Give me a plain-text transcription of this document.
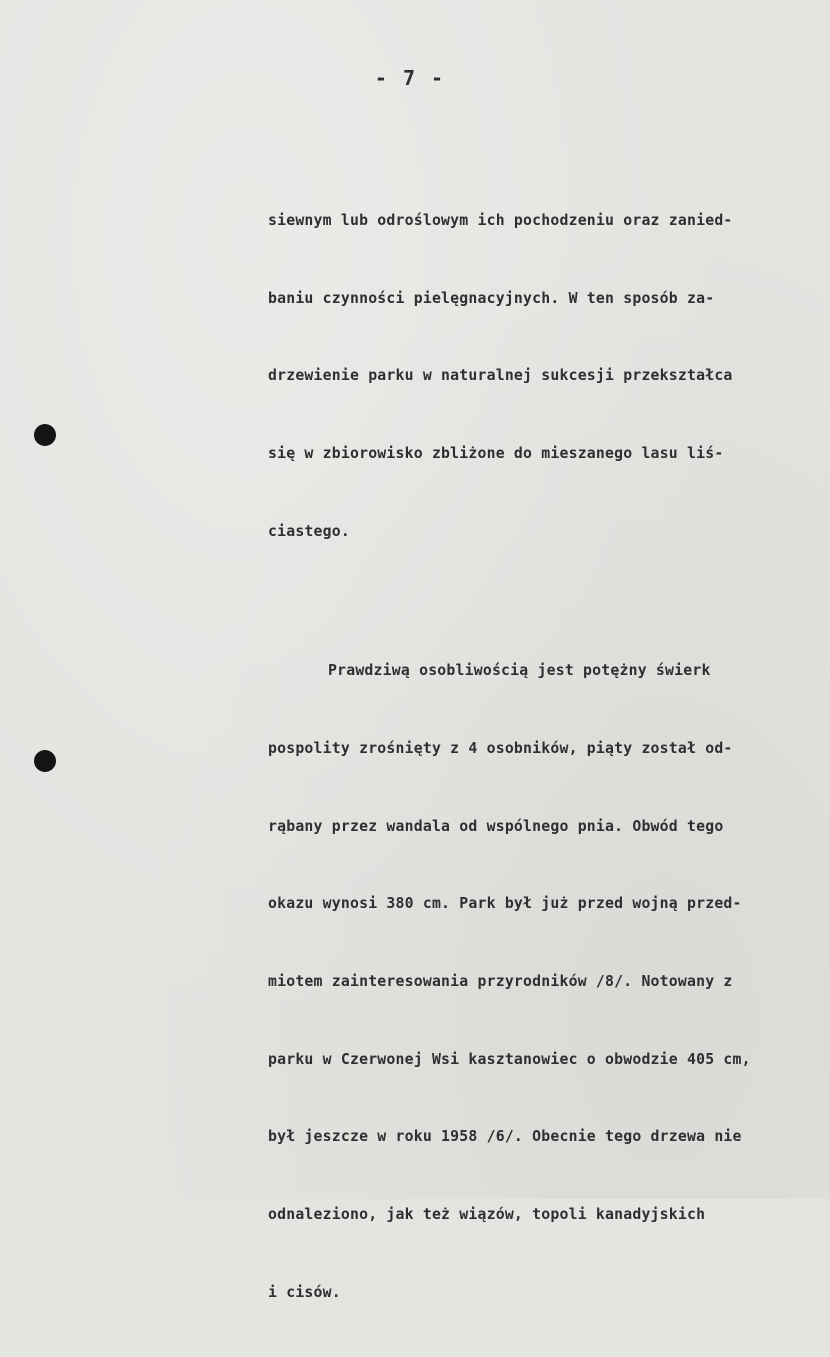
- 7 -

siewnym lub odroślowym ich pochodzeniu oraz zanied-

baniu czynności pielęgnacyjnych. W ten sposób za-

drzewienie parku w naturalnej sukcesji przekształca

się w zbiorowisko zbliżone do mieszanego lasu liś-

ciastego.

Prawdziwą osobliwością jest potężny świerk

pospolity zrośnięty z 4 osobników, piąty został od-

rąbany przez wandala od wspólnego pnia. Obwód tego

okazu wynosi 380 cm. Park był już przed wojną przed-

miotem zainteresowania przyrodników /8/. Notowany z

parku w Czerwonej Wsi kasztanowiec o obwodzie 405 cm,

był jeszcze w roku 1958 /6/. Obecnie tego drzewa nie

odnaleziono, jak też wiązów, topoli kanadyjskich

i cisów.
